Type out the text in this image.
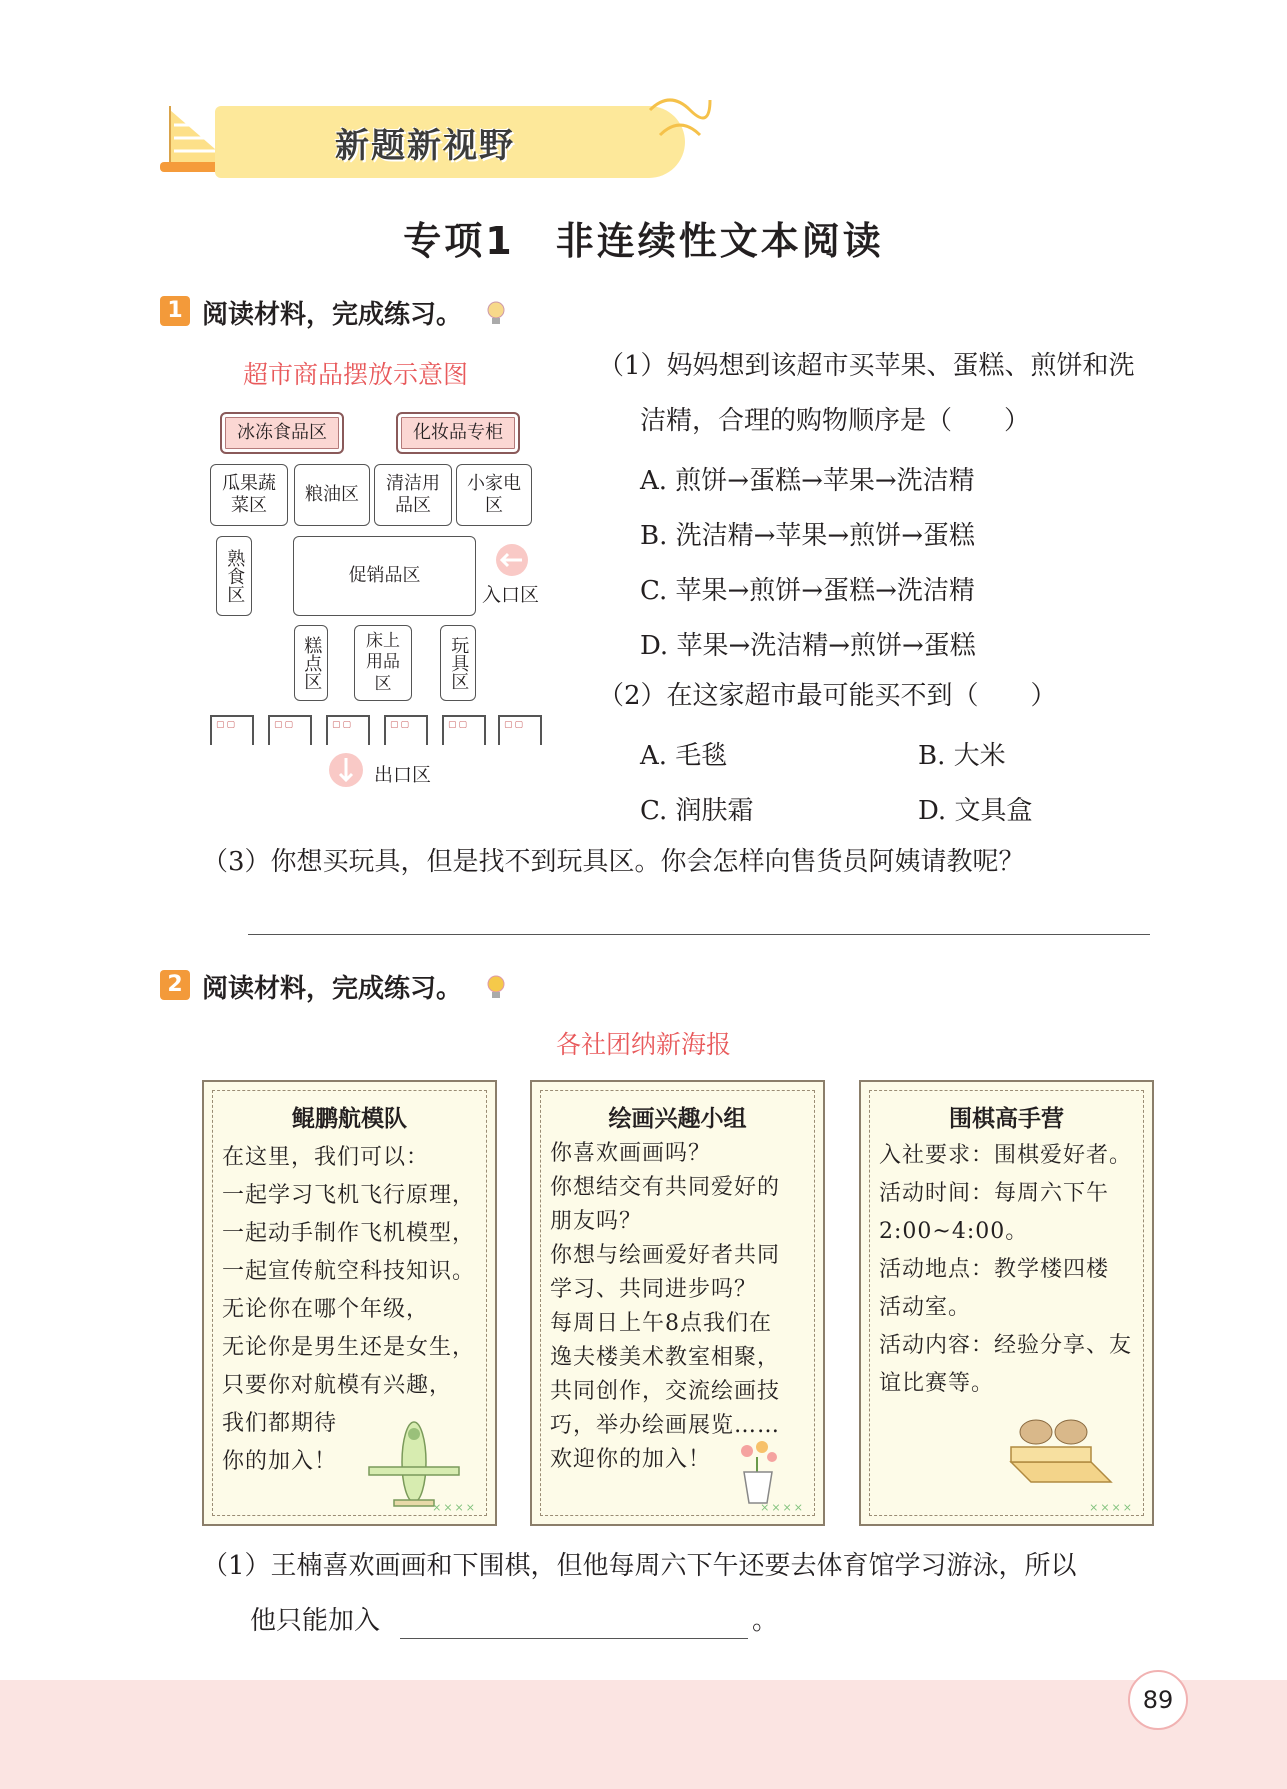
新题新视野
专项1　非连续性文本阅读
1 阅读材料，完成练习。
超市商品摆放示意图
冰冻食品区	化妆品专柜
瓜果蔬
菜区
粮油区
清洁用
品区
小家电
区
熟食区	促销品区
入口区
糕点区	床上
用品
区	玩具区
▢▢	▢▢	▢▢	▢▢	▢▢	▢▢
出口区
（1）妈妈想到该超市买苹果、蛋糕、煎饼和洗
洁精，合理的购物顺序是（　　）
A. 煎饼→蛋糕→苹果→洗洁精
B. 洗洁精→苹果→煎饼→蛋糕
C. 苹果→煎饼→蛋糕→洗洁精
D. 苹果→洗洁精→煎饼→蛋糕
（2）在这家超市最可能买不到（　　）
A. 毛毯	B. 大米
C. 润肤霜	D. 文具盒
（3）你想买玩具，但是找不到玩具区。你会怎样向售货员阿姨请教呢？
2 阅读材料，完成练习。
各社团纳新海报
鲲鹏航模队
在这里，我们可以：
一起学习飞机飞行原理，
一起动手制作飞机模型，
一起宣传航空科技知识。
无论你在哪个年级，
无论你是男生还是女生，
只要你对航模有兴趣，
我们都期待
你的加入！
××××
绘画兴趣小组
你喜欢画画吗？
你想结交有共同爱好的
朋友吗？
你想与绘画爱好者共同
学习、共同进步吗？
每周日上午8点我们在
逸夫楼美术教室相聚，
共同创作，交流绘画技
巧，举办绘画展览……
欢迎你的加入！
××××
围棋高手营
入社要求：围棋爱好者。
活动时间：每周六下午
2:00~4:00。
活动地点：教学楼四楼
活动室。
活动内容：经验分享、友
谊比赛等。
××××
（1）王楠喜欢画画和下围棋，但他每周六下午还要去体育馆学习游泳，所以
他只能加入	。
89
